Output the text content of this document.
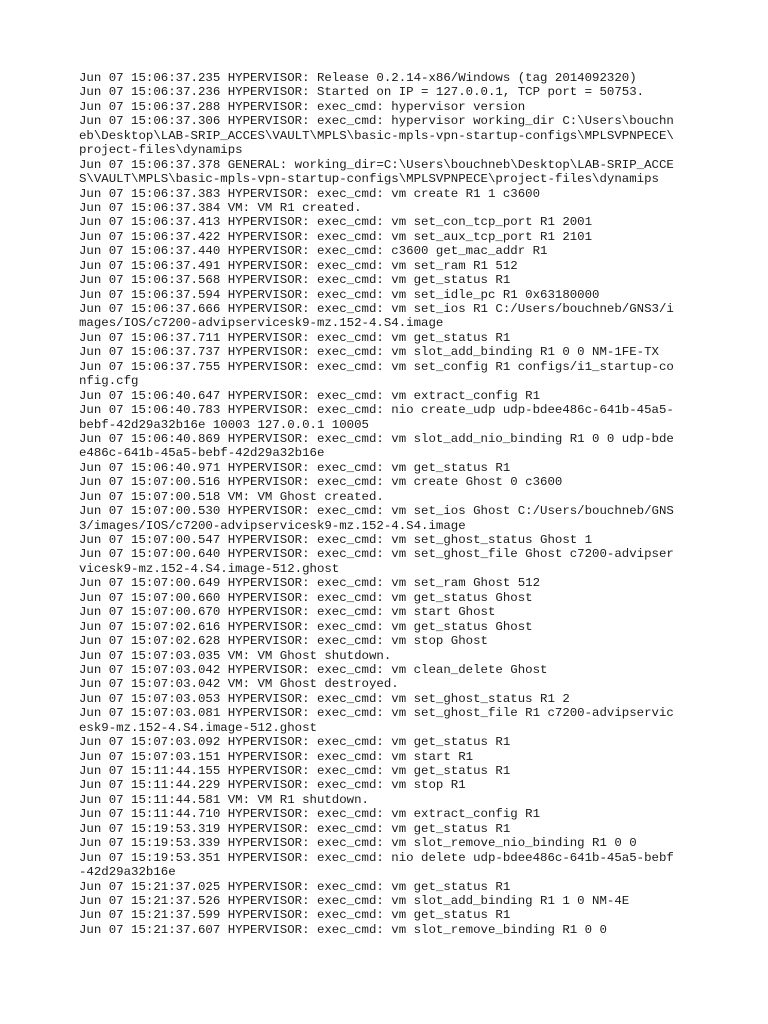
Jun 07 15:06:37.235 HYPERVISOR: Release 0.2.14-x86/Windows (tag 2014092320)
Jun 07 15:06:37.236 HYPERVISOR: Started on IP = 127.0.0.1, TCP port = 50753.
Jun 07 15:06:37.288 HYPERVISOR: exec_cmd: hypervisor version
Jun 07 15:06:37.306 HYPERVISOR: exec_cmd: hypervisor working_dir C:\Users\bouchn
eb\Desktop\LAB-SRIP_ACCES\VAULT\MPLS\basic-mpls-vpn-startup-configs\MPLSVPNPECE\
project-files\dynamips
Jun 07 15:06:37.378 GENERAL: working_dir=C:\Users\bouchneb\Desktop\LAB-SRIP_ACCE
S\VAULT\MPLS\basic-mpls-vpn-startup-configs\MPLSVPNPECE\project-files\dynamips
Jun 07 15:06:37.383 HYPERVISOR: exec_cmd: vm create R1 1 c3600
Jun 07 15:06:37.384 VM: VM R1 created.
Jun 07 15:06:37.413 HYPERVISOR: exec_cmd: vm set_con_tcp_port R1 2001
Jun 07 15:06:37.422 HYPERVISOR: exec_cmd: vm set_aux_tcp_port R1 2101
Jun 07 15:06:37.440 HYPERVISOR: exec_cmd: c3600 get_mac_addr R1
Jun 07 15:06:37.491 HYPERVISOR: exec_cmd: vm set_ram R1 512
Jun 07 15:06:37.568 HYPERVISOR: exec_cmd: vm get_status R1
Jun 07 15:06:37.594 HYPERVISOR: exec_cmd: vm set_idle_pc R1 0x63180000
Jun 07 15:06:37.666 HYPERVISOR: exec_cmd: vm set_ios R1 C:/Users/bouchneb/GNS3/i
mages/IOS/c7200-advipservicesk9-mz.152-4.S4.image
Jun 07 15:06:37.711 HYPERVISOR: exec_cmd: vm get_status R1
Jun 07 15:06:37.737 HYPERVISOR: exec_cmd: vm slot_add_binding R1 0 0 NM-1FE-TX
Jun 07 15:06:37.755 HYPERVISOR: exec_cmd: vm set_config R1 configs/i1_startup-co
nfig.cfg
Jun 07 15:06:40.647 HYPERVISOR: exec_cmd: vm extract_config R1
Jun 07 15:06:40.783 HYPERVISOR: exec_cmd: nio create_udp udp-bdee486c-641b-45a5-
bebf-42d29a32b16e 10003 127.0.0.1 10005
Jun 07 15:06:40.869 HYPERVISOR: exec_cmd: vm slot_add_nio_binding R1 0 0 udp-bde
e486c-641b-45a5-bebf-42d29a32b16e
Jun 07 15:06:40.971 HYPERVISOR: exec_cmd: vm get_status R1
Jun 07 15:07:00.516 HYPERVISOR: exec_cmd: vm create Ghost 0 c3600
Jun 07 15:07:00.518 VM: VM Ghost created.
Jun 07 15:07:00.530 HYPERVISOR: exec_cmd: vm set_ios Ghost C:/Users/bouchneb/GNS
3/images/IOS/c7200-advipservicesk9-mz.152-4.S4.image
Jun 07 15:07:00.547 HYPERVISOR: exec_cmd: vm set_ghost_status Ghost 1
Jun 07 15:07:00.640 HYPERVISOR: exec_cmd: vm set_ghost_file Ghost c7200-advipser
vicesk9-mz.152-4.S4.image-512.ghost
Jun 07 15:07:00.649 HYPERVISOR: exec_cmd: vm set_ram Ghost 512
Jun 07 15:07:00.660 HYPERVISOR: exec_cmd: vm get_status Ghost
Jun 07 15:07:00.670 HYPERVISOR: exec_cmd: vm start Ghost
Jun 07 15:07:02.616 HYPERVISOR: exec_cmd: vm get_status Ghost
Jun 07 15:07:02.628 HYPERVISOR: exec_cmd: vm stop Ghost
Jun 07 15:07:03.035 VM: VM Ghost shutdown.
Jun 07 15:07:03.042 HYPERVISOR: exec_cmd: vm clean_delete Ghost
Jun 07 15:07:03.042 VM: VM Ghost destroyed.
Jun 07 15:07:03.053 HYPERVISOR: exec_cmd: vm set_ghost_status R1 2
Jun 07 15:07:03.081 HYPERVISOR: exec_cmd: vm set_ghost_file R1 c7200-advipservic
esk9-mz.152-4.S4.image-512.ghost
Jun 07 15:07:03.092 HYPERVISOR: exec_cmd: vm get_status R1
Jun 07 15:07:03.151 HYPERVISOR: exec_cmd: vm start R1
Jun 07 15:11:44.155 HYPERVISOR: exec_cmd: vm get_status R1
Jun 07 15:11:44.229 HYPERVISOR: exec_cmd: vm stop R1
Jun 07 15:11:44.581 VM: VM R1 shutdown.
Jun 07 15:11:44.710 HYPERVISOR: exec_cmd: vm extract_config R1
Jun 07 15:19:53.319 HYPERVISOR: exec_cmd: vm get_status R1
Jun 07 15:19:53.339 HYPERVISOR: exec_cmd: vm slot_remove_nio_binding R1 0 0
Jun 07 15:19:53.351 HYPERVISOR: exec_cmd: nio delete udp-bdee486c-641b-45a5-bebf
-42d29a32b16e
Jun 07 15:21:37.025 HYPERVISOR: exec_cmd: vm get_status R1
Jun 07 15:21:37.526 HYPERVISOR: exec_cmd: vm slot_add_binding R1 1 0 NM-4E
Jun 07 15:21:37.599 HYPERVISOR: exec_cmd: vm get_status R1
Jun 07 15:21:37.607 HYPERVISOR: exec_cmd: vm slot_remove_binding R1 0 0
